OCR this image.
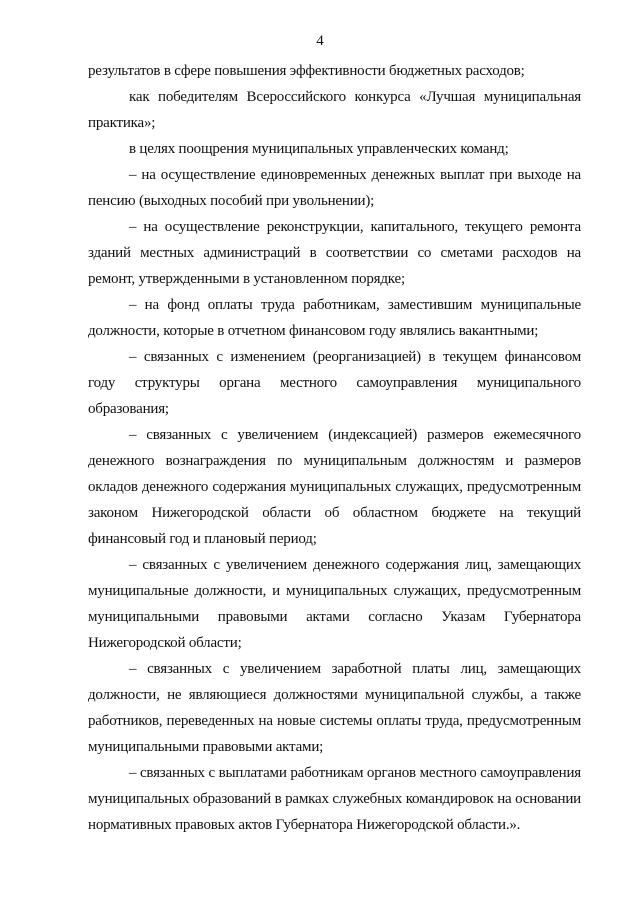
4

результатов в сфере повышения эффективности бюджетных расходов;

как победителям Всероссийского конкурса «Лучшая муниципальная практика»;

в целях поощрения муниципальных управленческих команд;

– на осуществление единовременных денежных выплат при выходе на пенсию (выходных пособий при увольнении);

– на осуществление реконструкции, капитального, текущего ремонта зданий местных администраций в соответствии со сметами расходов на ремонт, утвержденными в установленном порядке;

– на фонд оплаты труда работникам, заместившим муниципальные должности, которые в отчетном финансовом году являлись вакантными;

– связанных с изменением (реорганизацией) в текущем финансовом году структуры органа местного самоуправления муниципального образования;

– связанных с увеличением (индексацией) размеров ежемесячного денежного вознаграждения по муниципальным должностям и размеров окладов денежного содержания муниципальных служащих, предусмотренным законом Нижегородской области об областном бюджете на текущий финансовый год и плановый период;

– связанных с увеличением денежного содержания лиц, замещающих муниципальные должности, и муниципальных служащих, предусмотренным муниципальными правовыми актами согласно Указам Губернатора Нижегородской области;

– связанных с увеличением заработной платы лиц, замещающих должности, не являющиеся должностями муниципальной службы, а также работников, переведенных на новые системы оплаты труда, предусмотренным муниципальными правовыми актами;

– связанных с выплатами работникам органов местного самоуправления муниципальных образований в рамках служебных командировок на основании нормативных правовых актов Губернатора Нижегородской области.».
